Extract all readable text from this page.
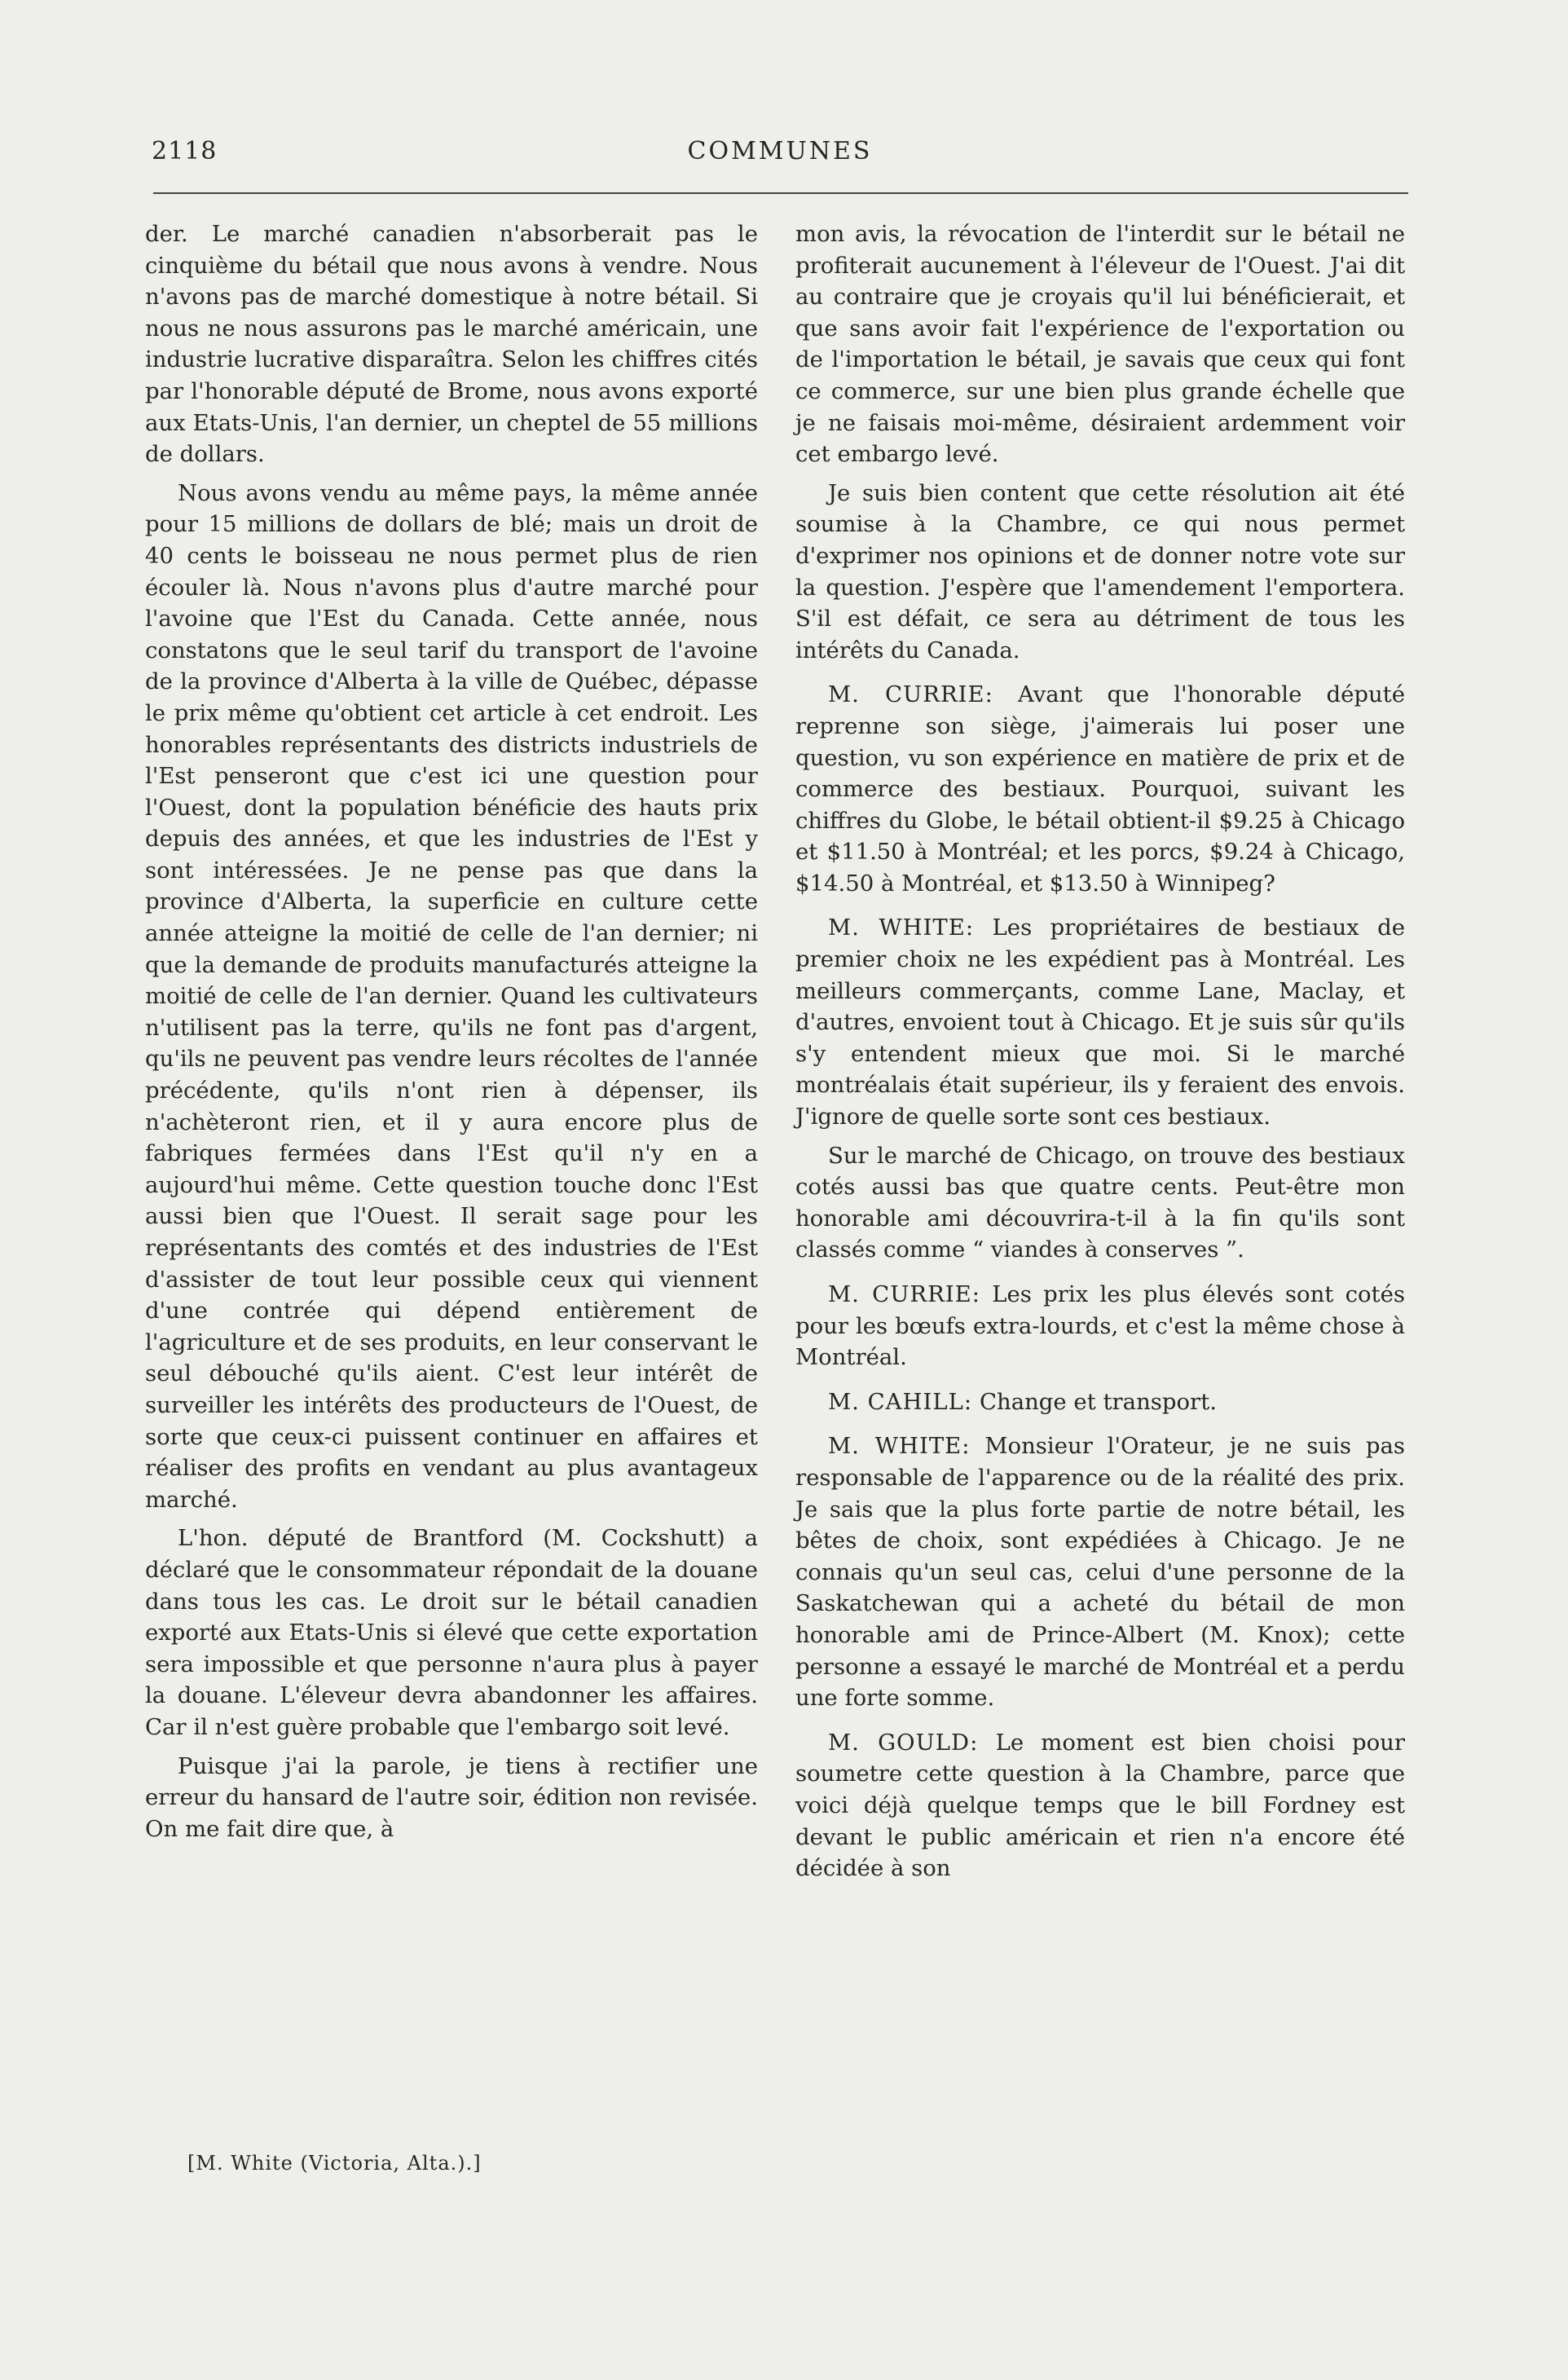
2118	COMMUNES

der. Le marché canadien n'absorberait pas le cinquième du bétail que nous avons à vendre. Nous n'avons pas de marché domestique à notre bétail. Si nous ne nous assurons pas le marché américain, une industrie lucrative disparaîtra. Selon les chiffres cités par l'honorable député de Brome, nous avons exporté aux Etats-Unis, l'an dernier, un cheptel de 55 millions de dollars.

Nous avons vendu au même pays, la même année pour 15 millions de dollars de blé; mais un droit de 40 cents le boisseau ne nous permet plus de rien écouler là. Nous n'avons plus d'autre marché pour l'avoine que l'Est du Canada. Cette année, nous constatons que le seul tarif du transport de l'avoine de la province d'Alberta à la ville de Québec, dépasse le prix même qu'obtient cet article à cet endroit. Les honorables représentants des districts industriels de l'Est penseront que c'est ici une question pour l'Ouest, dont la population bénéficie des hauts prix depuis des années, et que les industries de l'Est y sont intéressées. Je ne pense pas que dans la province d'Alberta, la superficie en culture cette année atteigne la moitié de celle de l'an dernier; ni que la demande de produits manufacturés atteigne la moitié de celle de l'an dernier. Quand les cultivateurs n'utilisent pas la terre, qu'ils ne font pas d'argent, qu'ils ne peuvent pas vendre leurs récoltes de l'année précédente, qu'ils n'ont rien à dépenser, ils n'achèteront rien, et il y aura encore plus de fabriques fermées dans l'Est qu'il n'y en a aujourd'hui même. Cette question touche donc l'Est aussi bien que l'Ouest. Il serait sage pour les représentants des comtés et des industries de l'Est d'assister de tout leur possible ceux qui viennent d'une contrée qui dépend entièrement de l'agriculture et de ses produits, en leur conservant le seul débouché qu'ils aient. C'est leur intérêt de surveiller les intérêts des producteurs de l'Ouest, de sorte que ceux-ci puissent continuer en affaires et réaliser des profits en vendant au plus avantageux marché.

L'hon. député de Brantford (M. Cockshutt) a déclaré que le consommateur répondait de la douane dans tous les cas. Le droit sur le bétail canadien exporté aux Etats-Unis si élevé que cette exportation sera impossible et que personne n'aura plus à payer la douane. L'éleveur devra abandonner les affaires. Car il n'est guère probable que l'embargo soit levé.

Puisque j'ai la parole, je tiens à rectifier une erreur du hansard de l'autre soir, édition non revisée. On me fait dire que, à

mon avis, la révocation de l'interdit sur le bétail ne profiterait aucunement à l'éleveur de l'Ouest. J'ai dit au contraire que je croyais qu'il lui bénéficierait, et que sans avoir fait l'expérience de l'exportation ou de l'importation le bétail, je savais que ceux qui font ce commerce, sur une bien plus grande échelle que je ne faisais moi-même, désiraient ardemment voir cet embargo levé.

Je suis bien content que cette résolution ait été soumise à la Chambre, ce qui nous permet d'exprimer nos opinions et de donner notre vote sur la question. J'espère que l'amendement l'emportera. S'il est défait, ce sera au détriment de tous les intérêts du Canada.

M. CURRIE: Avant que l'honorable député reprenne son siège, j'aimerais lui poser une question, vu son expérience en matière de prix et de commerce des bestiaux. Pourquoi, suivant les chiffres du Globe, le bétail obtient-il $9.25 à Chicago et $11.50 à Montréal; et les porcs, $9.24 à Chicago, $14.50 à Montréal, et $13.50 à Winnipeg?

M. WHITE: Les propriétaires de bestiaux de premier choix ne les expédient pas à Montréal. Les meilleurs commerçants, comme Lane, Maclay, et d'autres, envoient tout à Chicago. Et je suis sûr qu'ils s'y entendent mieux que moi. Si le marché montréalais était supérieur, ils y feraient des envois. J'ignore de quelle sorte sont ces bestiaux.

Sur le marché de Chicago, on trouve des bestiaux cotés aussi bas que quatre cents. Peut-être mon honorable ami découvrira-t-il à la fin qu'ils sont classés comme “ viandes à conserves ”.

M. CURRIE: Les prix les plus élevés sont cotés pour les bœufs extra-lourds, et c'est la même chose à Montréal.

M. CAHILL: Change et transport.

M. WHITE: Monsieur l'Orateur, je ne suis pas responsable de l'apparence ou de la réalité des prix. Je sais que la plus forte partie de notre bétail, les bêtes de choix, sont expédiées à Chicago. Je ne connais qu'un seul cas, celui d'une personne de la Saskatchewan qui a acheté du bétail de mon honorable ami de Prince-Albert (M. Knox); cette personne a essayé le marché de Montréal et a perdu une forte somme.

M. GOULD: Le moment est bien choisi pour soumetre cette question à la Chambre, parce que voici déjà quelque temps que le bill Fordney est devant le public américain et rien n'a encore été décidée à son

[M. White (Victoria, Alta.).]
